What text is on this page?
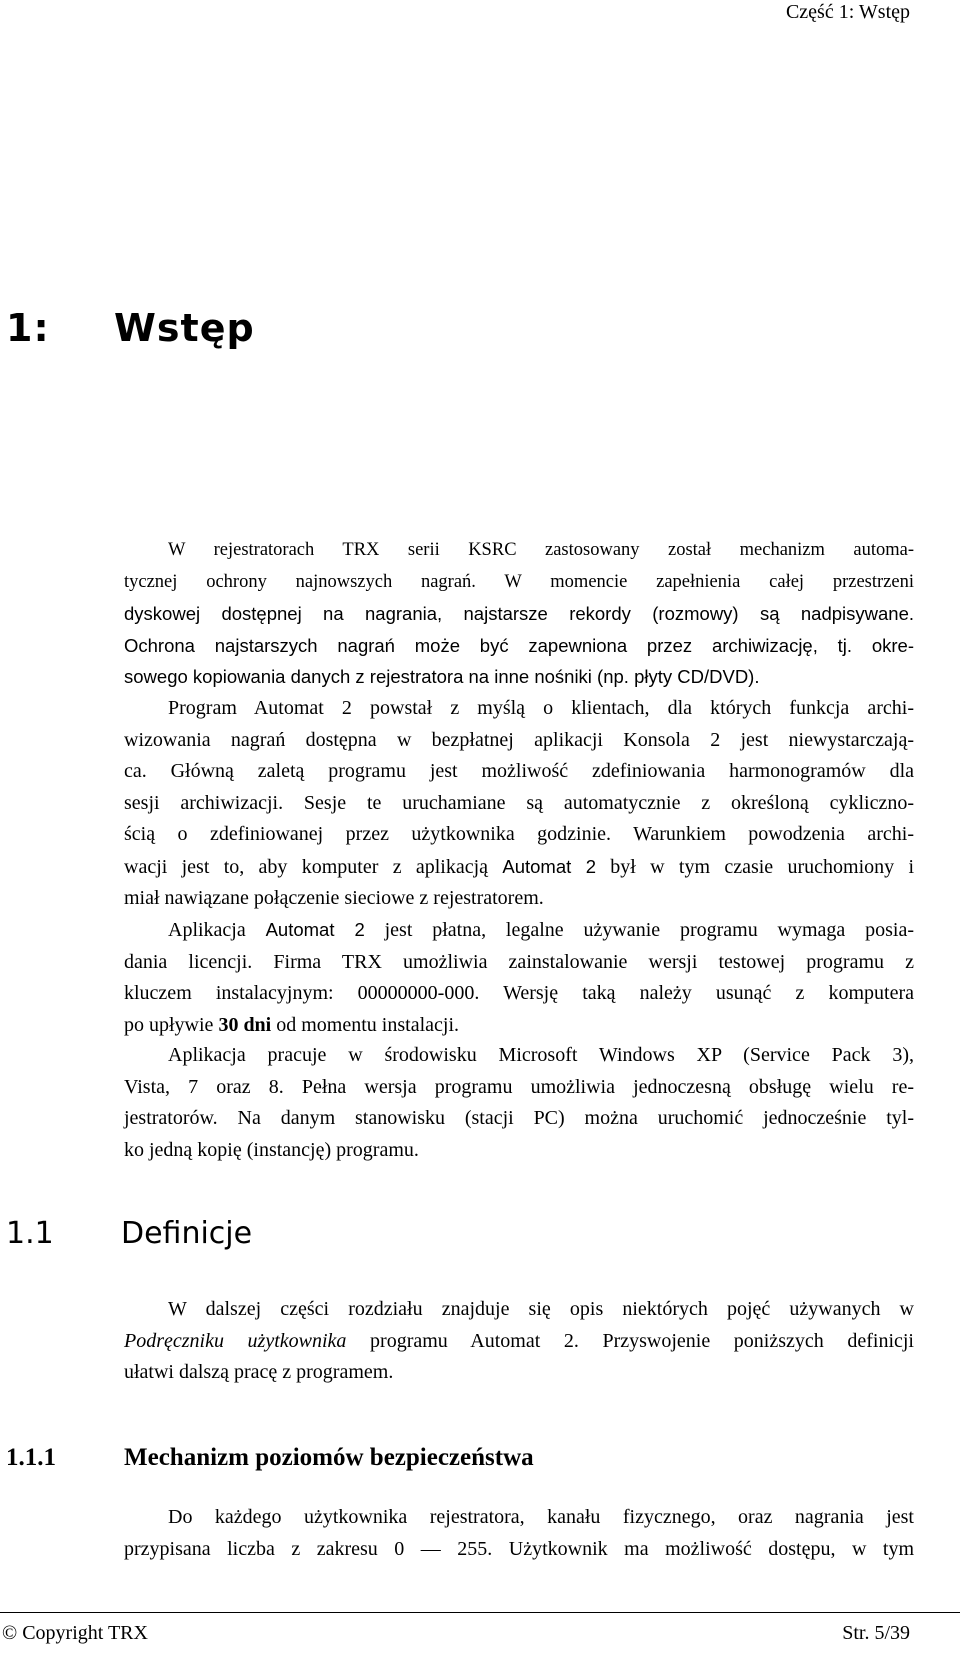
Część 1: Wstęp
1: Wstęp
W rejestratorach TRX serii KSRC zastosowany został mechanizm automa-
tycznej ochrony najnowszych nagrań. W momencie zapełnienia całej przestrzeni
dyskowej dostępnej na nagrania, najstarsze rekordy (rozmowy) są nadpisywane.
Ochrona najstarszych nagrań może być zapewniona przez archiwizację, tj. okre-
sowego kopiowania danych z rejestratora na inne nośniki (np. płyty CD/DVD).
Program Automat 2 powstał z myślą o klientach, dla których funkcja archi-
wizowania nagrań dostępna w bezpłatnej aplikacji Konsola 2 jest niewystarczają-
ca. Główną zaletą programu jest możliwość zdefiniowania harmonogramów dla
sesji archiwizacji. Sesje te uruchamiane są automatycznie z określoną cykliczno-
ścią o zdefiniowanej przez użytkownika godzinie. Warunkiem powodzenia archi-
wacji jest to, aby komputer z aplikacją Automat 2 był w tym czasie uruchomiony i
miał nawiązane połączenie sieciowe z rejestratorem.
Aplikacja Automat 2 jest płatna, legalne używanie programu wymaga posia-
dania licencji. Firma TRX umożliwia zainstalowanie wersji testowej programu z
kluczem instalacyjnym: 00000000-000. Wersję taką należy usunąć z komputera
po upływie 30 dni od momentu instalacji.
Aplikacja pracuje w środowisku Microsoft Windows XP (Service Pack 3),
Vista, 7 oraz 8. Pełna wersja programu umożliwia jednoczesną obsługę wielu re-
jestratorów. Na danym stanowisku (stacji PC) można uruchomić jednocześnie tyl-
ko jedną kopię (instancję) programu.
1.1 Definicje
W dalszej części rozdziału znajduje się opis niektórych pojęć używanych w
Podręczniku użytkownika programu Automat 2. Przyswojenie poniższych definicji
ułatwi dalszą pracę z programem.
1.1.1	Mechanizm poziomów bezpieczeństwa
Do każdego użytkownika rejestratora, kanału fizycznego, oraz nagrania jest
przypisana liczba z zakresu 0 — 255. Użytkownik ma możliwość dostępu, w tym
© Copyright TRX	Str. 5/39
